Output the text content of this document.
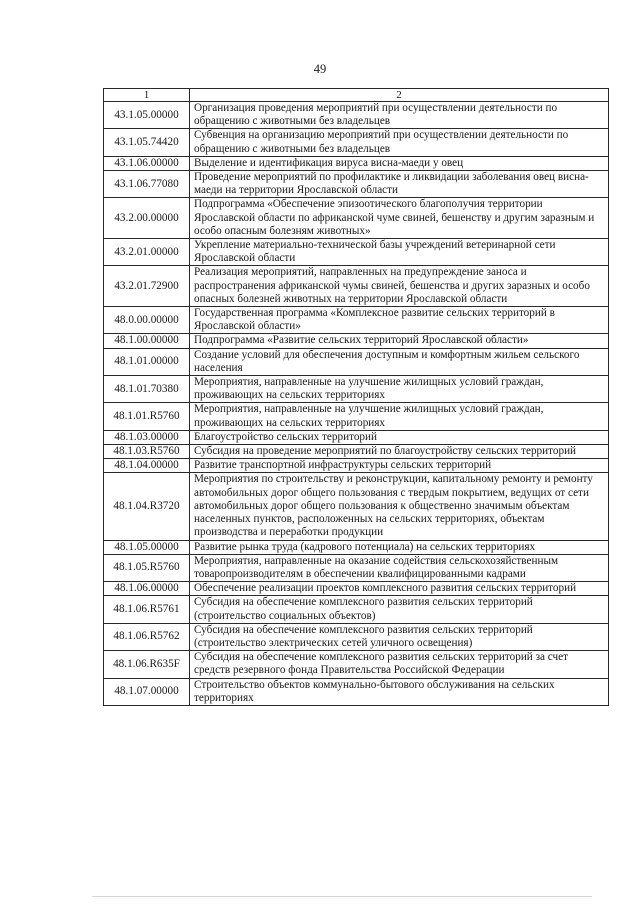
49
1	2
43.1.05.00000	Организация проведения мероприятий при осуществлении деятельности по обращению с животными без владельцев
43.1.05.74420	Субвенция на организацию мероприятий при осуществлении деятельности по обращению с животными без владельцев
43.1.06.00000	Выделение и идентификация вируса висна-маеди у овец
43.1.06.77080	Проведение мероприятий по профилактике и ликвидации заболевания овец висна-маеди на территории Ярославской области
43.2.00.00000	Подпрограмма «Обеспечение эпизоотического благополучия территории Ярославской области по африканской чуме свиней, бешенству и другим заразным и особо опасным болезням животных»
43.2.01.00000	Укрепление материально-технической базы учреждений ветеринарной сети Ярославской области
43.2.01.72900	Реализация мероприятий, направленных на предупреждение заноса и распространения африканской чумы свиней, бешенства и других заразных и особо опасных болезней животных на территории Ярославской области
48.0.00.00000	Государственная программа «Комплексное развитие сельских территорий в Ярославской области»
48.1.00.00000	Подпрограмма «Развитие сельских территорий Ярославской области»
48.1.01.00000	Создание условий для обеспечения доступным и комфортным жильем сельского населения
48.1.01.70380	Мероприятия, направленные на улучшение жилищных условий граждан, проживающих на сельских территориях
48.1.01.R5760	Мероприятия, направленные на улучшение жилищных условий граждан, проживающих на сельских территориях
48.1.03.00000	Благоустройство сельских территорий
48.1.03.R5760	Субсидия на проведение мероприятий по благоустройству сельских территорий
48.1.04.00000	Развитие транспортной инфраструктуры сельских территорий
48.1.04.R3720	Мероприятия по строительству и реконструкции, капитальному ремонту и ремонту автомобильных дорог общего пользования с твердым покрытием, ведущих от сети автомобильных дорог общего пользования к общественно значимым объектам населенных пунктов, расположенных на сельских территориях, объектам производства и переработки продукции
48.1.05.00000	Развитие рынка труда (кадрового потенциала) на сельских территориях
48.1.05.R5760	Мероприятия, направленные на оказание содействия сельскохозяйственным товаропроизводителям в обеспечении квалифицированными кадрами
48.1.06.00000	Обеспечение реализации проектов комплексного развития сельских территорий
48.1.06.R5761	Субсидия на обеспечение комплексного развития сельских территорий (строительство социальных объектов)
48.1.06.R5762	Субсидия на обеспечение комплексного развития сельских территорий (строительство электрических сетей уличного освещения)
48.1.06.R635F	Субсидия на обеспечение комплексного развития сельских территорий за счет средств резервного фонда Правительства Российской Федерации
48.1.07.00000	Строительство объектов коммунально-бытового обслуживания на сельских территориях
